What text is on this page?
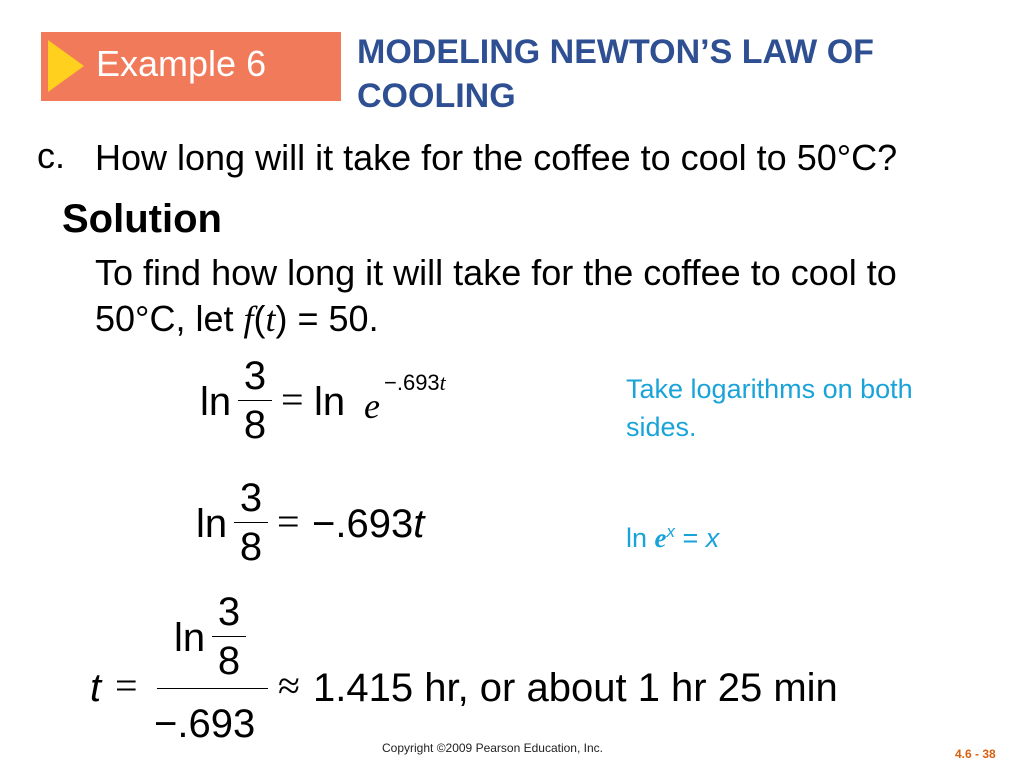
Example 6	MODELING NEWTON’S LAW OF COOLING
c. How long will it take for the coffee to cool to 50°C?
Solution
To find how long it will take for the coffee to cool to 50°C, let f(t) = 50.
ln
3
8
= ln e
−.693t	Take logarithms on both sides.
ln
3
8
= −.693t	$\ln e^x = x$
t =
ln
3
8
−.693
≈ 1.415 hr, or about 1 hr 25 min
Copyright ©2009 Pearson Education, Inc.	4.6 - 38
